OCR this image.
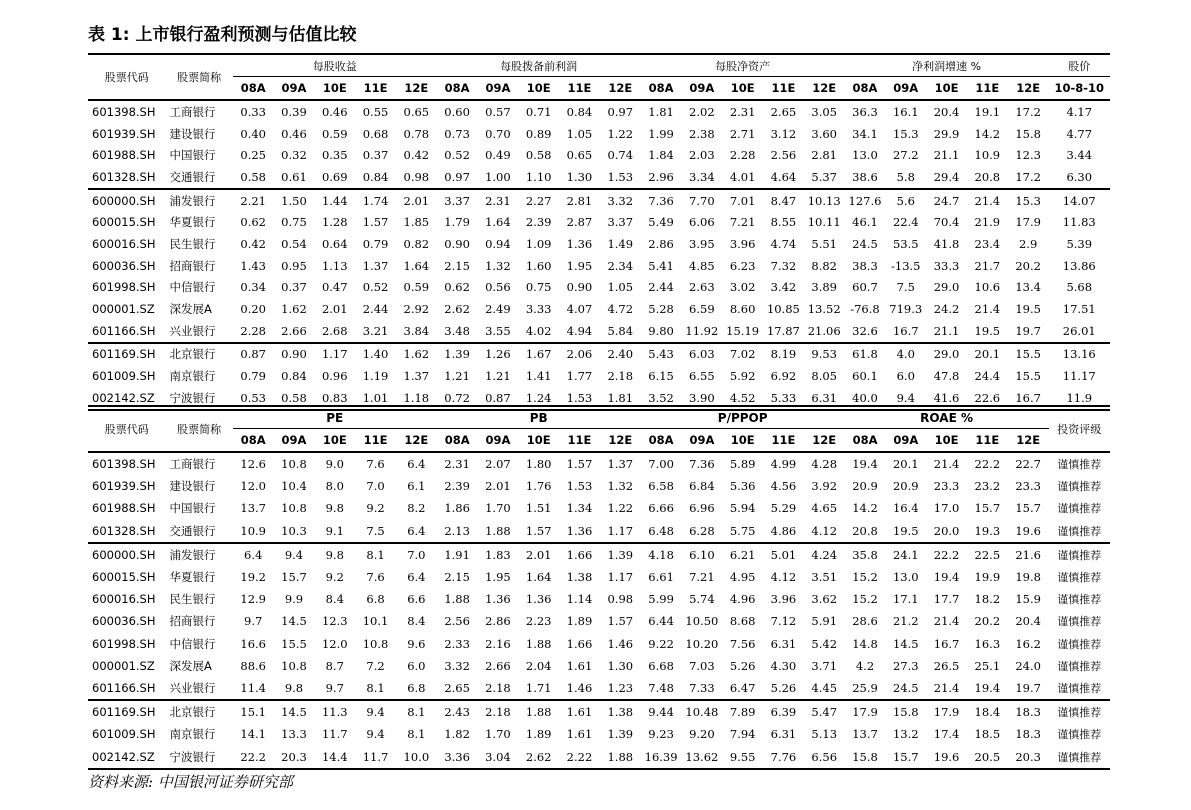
表 1: 上市银行盈利预测与估值比较
股票代码	股票简称	每股收益					每股拨备前利润					每股净资产					净利润增速 %					股价
		08A	09A	10E	11E	12E	08A	09A	10E	11E	12E	08A	09A	10E	11E	12E	08A	09A	10E	11E	12E	10-8-10
601398.SH	工商银行	0.33	0.39	0.46	0.55	0.65	0.60	0.57	0.71	0.84	0.97	1.81	2.02	2.31	2.65	3.05	36.3	16.1	20.4	19.1	17.2	4.17
601939.SH	建设银行	0.40	0.46	0.59	0.68	0.78	0.73	0.70	0.89	1.05	1.22	1.99	2.38	2.71	3.12	3.60	34.1	15.3	29.9	14.2	15.8	4.77
601988.SH	中国银行	0.25	0.32	0.35	0.37	0.42	0.52	0.49	0.58	0.65	0.74	1.84	2.03	2.28	2.56	2.81	13.0	27.2	21.1	10.9	12.3	3.44
601328.SH	交通银行	0.58	0.61	0.69	0.84	0.98	0.97	1.00	1.10	1.30	1.53	2.96	3.34	4.01	4.64	5.37	38.6	5.8	29.4	20.8	17.2	6.30
600000.SH	浦发银行	2.21	1.50	1.44	1.74	2.01	3.37	2.31	2.27	2.81	3.32	7.36	7.70	7.01	8.47	10.13	127.6	5.6	24.7	21.4	15.3	14.07
600015.SH	华夏银行	0.62	0.75	1.28	1.57	1.85	1.79	1.64	2.39	2.87	3.37	5.49	6.06	7.21	8.55	10.11	46.1	22.4	70.4	21.9	17.9	11.83
600016.SH	民生银行	0.42	0.54	0.64	0.79	0.82	0.90	0.94	1.09	1.36	1.49	2.86	3.95	3.96	4.74	5.51	24.5	53.5	41.8	23.4	2.9	5.39
600036.SH	招商银行	1.43	0.95	1.13	1.37	1.64	2.15	1.32	1.60	1.95	2.34	5.41	4.85	6.23	7.32	8.82	38.3	-13.5	33.3	21.7	20.2	13.86
601998.SH	中信银行	0.34	0.37	0.47	0.52	0.59	0.62	0.56	0.75	0.90	1.05	2.44	2.63	3.02	3.42	3.89	60.7	7.5	29.0	10.6	13.4	5.68
000001.SZ	深发展A	0.20	1.62	2.01	2.44	2.92	2.62	2.49	3.33	4.07	4.72	5.28	6.59	8.60	10.85	13.52	-76.8	719.3	24.2	21.4	19.5	17.51
601166.SH	兴业银行	2.28	2.66	2.68	3.21	3.84	3.48	3.55	4.02	4.94	5.84	9.80	11.92	15.19	17.87	21.06	32.6	16.7	21.1	19.5	19.7	26.01
601169.SH	北京银行	0.87	0.90	1.17	1.40	1.62	1.39	1.26	1.67	2.06	2.40	5.43	6.03	7.02	8.19	9.53	61.8	4.0	29.0	20.1	15.5	13.16
601009.SH	南京银行	0.79	0.84	0.96	1.19	1.37	1.21	1.21	1.41	1.77	2.18	6.15	6.55	5.92	6.92	8.05	60.1	6.0	47.8	24.4	15.5	11.17
002142.SZ	宁波银行	0.53	0.58	0.83	1.01	1.18	0.72	0.87	1.24	1.53	1.81	3.52	3.90	4.52	5.33	6.31	40.0	9.4	41.6	22.6	16.7	11.9
股票代码	股票简称	PE					PB					P/PPOP					ROAE %					投资评级
		08A	09A	10E	11E	12E	08A	09A	10E	11E	12E	08A	09A	10E	11E	12E	08A	09A	10E	11E	12E	
601398.SH	工商银行	12.6	10.8	9.0	7.6	6.4	2.31	2.07	1.80	1.57	1.37	7.00	7.36	5.89	4.99	4.28	19.4	20.1	21.4	22.2	22.7	谨慎推荐
601939.SH	建设银行	12.0	10.4	8.0	7.0	6.1	2.39	2.01	1.76	1.53	1.32	6.58	6.84	5.36	4.56	3.92	20.9	20.9	23.3	23.2	23.3	谨慎推荐
601988.SH	中国银行	13.7	10.8	9.8	9.2	8.2	1.86	1.70	1.51	1.34	1.22	6.66	6.96	5.94	5.29	4.65	14.2	16.4	17.0	15.7	15.7	谨慎推荐
601328.SH	交通银行	10.9	10.3	9.1	7.5	6.4	2.13	1.88	1.57	1.36	1.17	6.48	6.28	5.75	4.86	4.12	20.8	19.5	20.0	19.3	19.6	谨慎推荐
600000.SH	浦发银行	6.4	9.4	9.8	8.1	7.0	1.91	1.83	2.01	1.66	1.39	4.18	6.10	6.21	5.01	4.24	35.8	24.1	22.2	22.5	21.6	谨慎推荐
600015.SH	华夏银行	19.2	15.7	9.2	7.6	6.4	2.15	1.95	1.64	1.38	1.17	6.61	7.21	4.95	4.12	3.51	15.2	13.0	19.4	19.9	19.8	谨慎推荐
600016.SH	民生银行	12.9	9.9	8.4	6.8	6.6	1.88	1.36	1.36	1.14	0.98	5.99	5.74	4.96	3.96	3.62	15.2	17.1	17.7	18.2	15.9	谨慎推荐
600036.SH	招商银行	9.7	14.5	12.3	10.1	8.4	2.56	2.86	2.23	1.89	1.57	6.44	10.50	8.68	7.12	5.91	28.6	21.2	21.4	20.2	20.4	谨慎推荐
601998.SH	中信银行	16.6	15.5	12.0	10.8	9.6	2.33	2.16	1.88	1.66	1.46	9.22	10.20	7.56	6.31	5.42	14.8	14.5	16.7	16.3	16.2	谨慎推荐
000001.SZ	深发展A	88.6	10.8	8.7	7.2	6.0	3.32	2.66	2.04	1.61	1.30	6.68	7.03	5.26	4.30	3.71	4.2	27.3	26.5	25.1	24.0	谨慎推荐
601166.SH	兴业银行	11.4	9.8	9.7	8.1	6.8	2.65	2.18	1.71	1.46	1.23	7.48	7.33	6.47	5.26	4.45	25.9	24.5	21.4	19.4	19.7	谨慎推荐
601169.SH	北京银行	15.1	14.5	11.3	9.4	8.1	2.43	2.18	1.88	1.61	1.38	9.44	10.48	7.89	6.39	5.47	17.9	15.8	17.9	18.4	18.3	谨慎推荐
601009.SH	南京银行	14.1	13.3	11.7	9.4	8.1	1.82	1.70	1.89	1.61	1.39	9.23	9.20	7.94	6.31	5.13	13.7	13.2	17.4	18.5	18.3	谨慎推荐
002142.SZ	宁波银行	22.2	20.3	14.4	11.7	10.0	3.36	3.04	2.62	2.22	1.88	16.39	13.62	9.55	7.76	6.56	15.8	15.7	19.6	20.5	20.3	谨慎推荐
资料来源: 中国银河证券研究部
